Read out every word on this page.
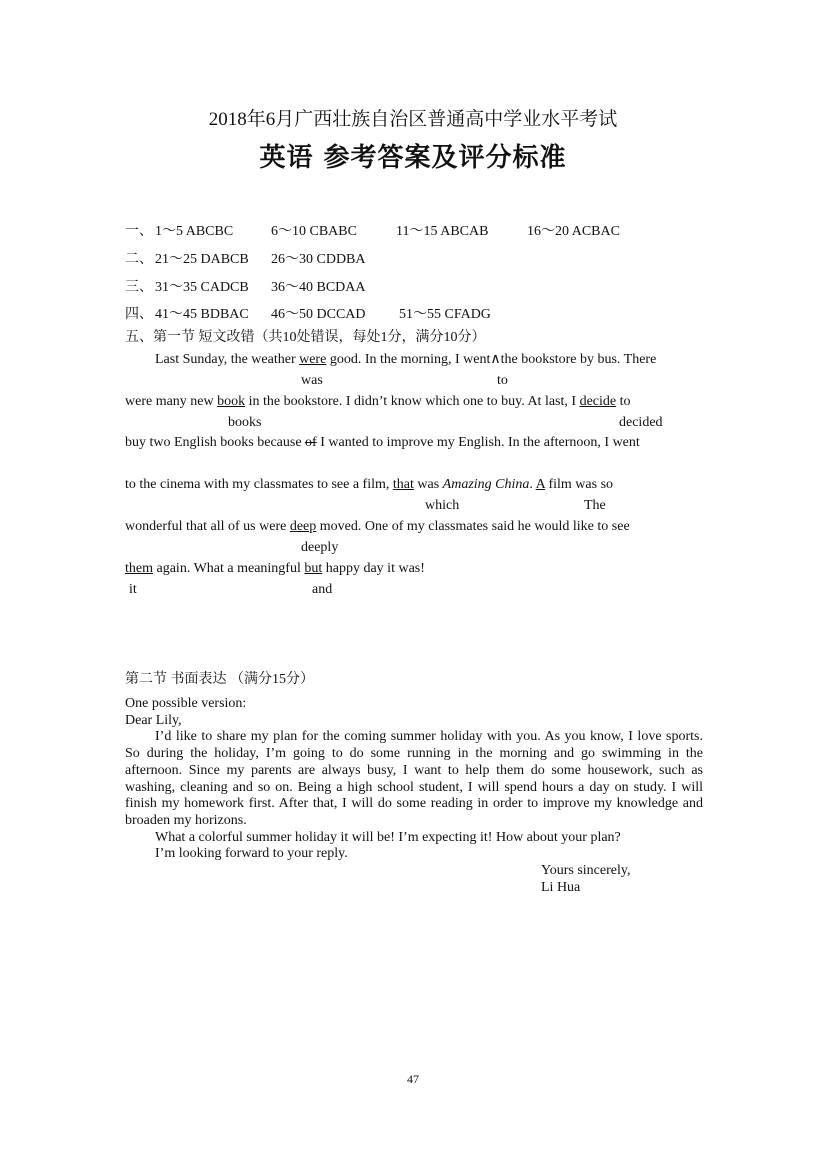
2018年6月广西壮族自治区普通高中学业水平考试
英语 参考答案及评分标准
一、 1～5 ABCBC	6～10 CBABC	11～15 ABCAB	16～20 ACBAC
二、 21～25 DABCB 26～30 CDDBA
三、 31～35 CADCB 36～40 BCDAA
四、 41～45 BDBAC 46～50 DCCAD 51～55 CFADG
五、第一节 短文改错（共10处错误，每处1分，满分10分）
Last Sunday, the weather were good. In the morning, I went∧the bookstore by bus. There
was	to
were many new book in the bookstore. I didn’t know which one to buy. At last, I decide to
books	decided
buy two English books because of I wanted to improve my English. In the afternoon, I went
to the cinema with my classmates to see a film, that was Amazing China. A film was so
which	The
wonderful that all of us were deep moved. One of my classmates said he would like to see
deeply
them again. What a meaningful but happy day it was!
it	and
第二节 书面表达 （满分15分）

One possible version:

Dear Lily,

I’d like to share my plan for the coming summer holiday with you. As you know, I love sports. So during the holiday, I’m going to do some running in the morning and go swimming in the afternoon. Since my parents are always busy, I want to help them do some housework, such as washing, cleaning and so on. Being a high school student, I will spend hours a day on study. I will finish my homework first. After that, I will do some reading in order to improve my knowledge and broaden my horizons.

What a colorful summer holiday it will be! I’m expecting it! How about your plan?

I’m looking forward to your reply.

Yours sincerely,

Li Hua

47
